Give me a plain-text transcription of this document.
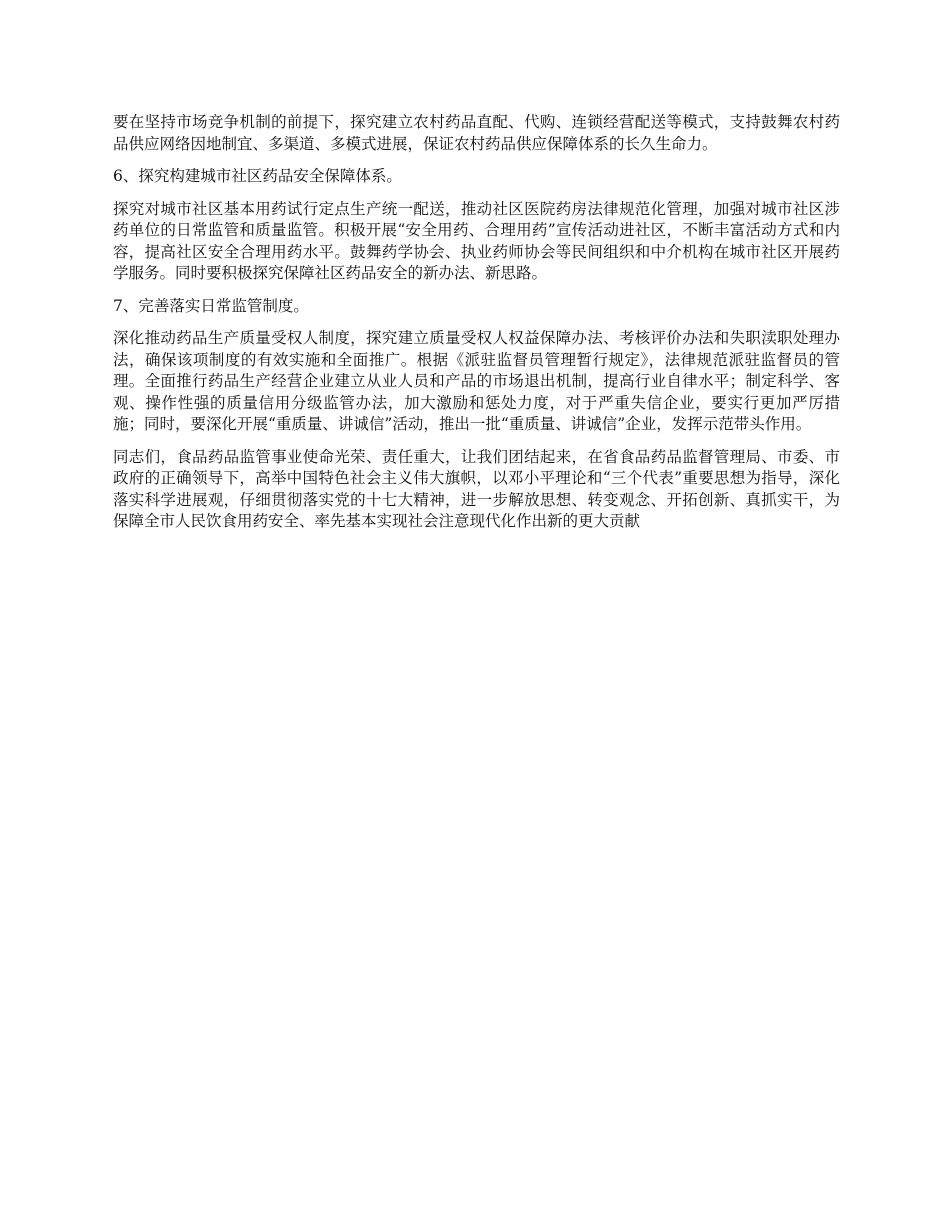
要在坚持市场竞争机制的前提下，探究建立农村药品直配、代购、连锁经营配送等模式，支持鼓舞农村药品供应网络因地制宜、多渠道、多模式进展，保证农村药品供应保障体系的长久生命力。

6、探究构建城市社区药品安全保障体系。

探究对城市社区基本用药试行定点生产统一配送，推动社区医院药房法律规范化管理，加强对城市社区涉药单位的日常监管和质量监管。积极开展“安全用药、合理用药”宣传活动进社区，不断丰富活动方式和内容，提高社区安全合理用药水平。鼓舞药学协会、执业药师协会等民间组织和中介机构在城市社区开展药学服务。同时要积极探究保障社区药品安全的新办法、新思路。

7、完善落实日常监管制度。

深化推动药品生产质量受权人制度，探究建立质量受权人权益保障办法、考核评价办法和失职渎职处理办法，确保该项制度的有效实施和全面推广。根据《派驻监督员管理暂行规定》，法律规范派驻监督员的管理。全面推行药品生产经营企业建立从业人员和产品的市场退出机制，提高行业自律水平；制定科学、客观、操作性强的质量信用分级监管办法，加大激励和惩处力度，对于严重失信企业，要实行更加严厉措施；同时，要深化开展“重质量、讲诚信”活动，推出一批“重质量、讲诚信”企业，发挥示范带头作用。

同志们，食品药品监管事业使命光荣、责任重大，让我们团结起来，在省食品药品监督管理局、市委、市政府的正确领导下，高举中国特色社会主义伟大旗帜，以邓小平理论和“三个代表”重要思想为指导，深化落实科学进展观，仔细贯彻落实党的十七大精神，进一步解放思想、转变观念、开拓创新、真抓实干，为保障全市人民饮食用药安全、率先基本实现社会注意现代化作出新的更大贡献
